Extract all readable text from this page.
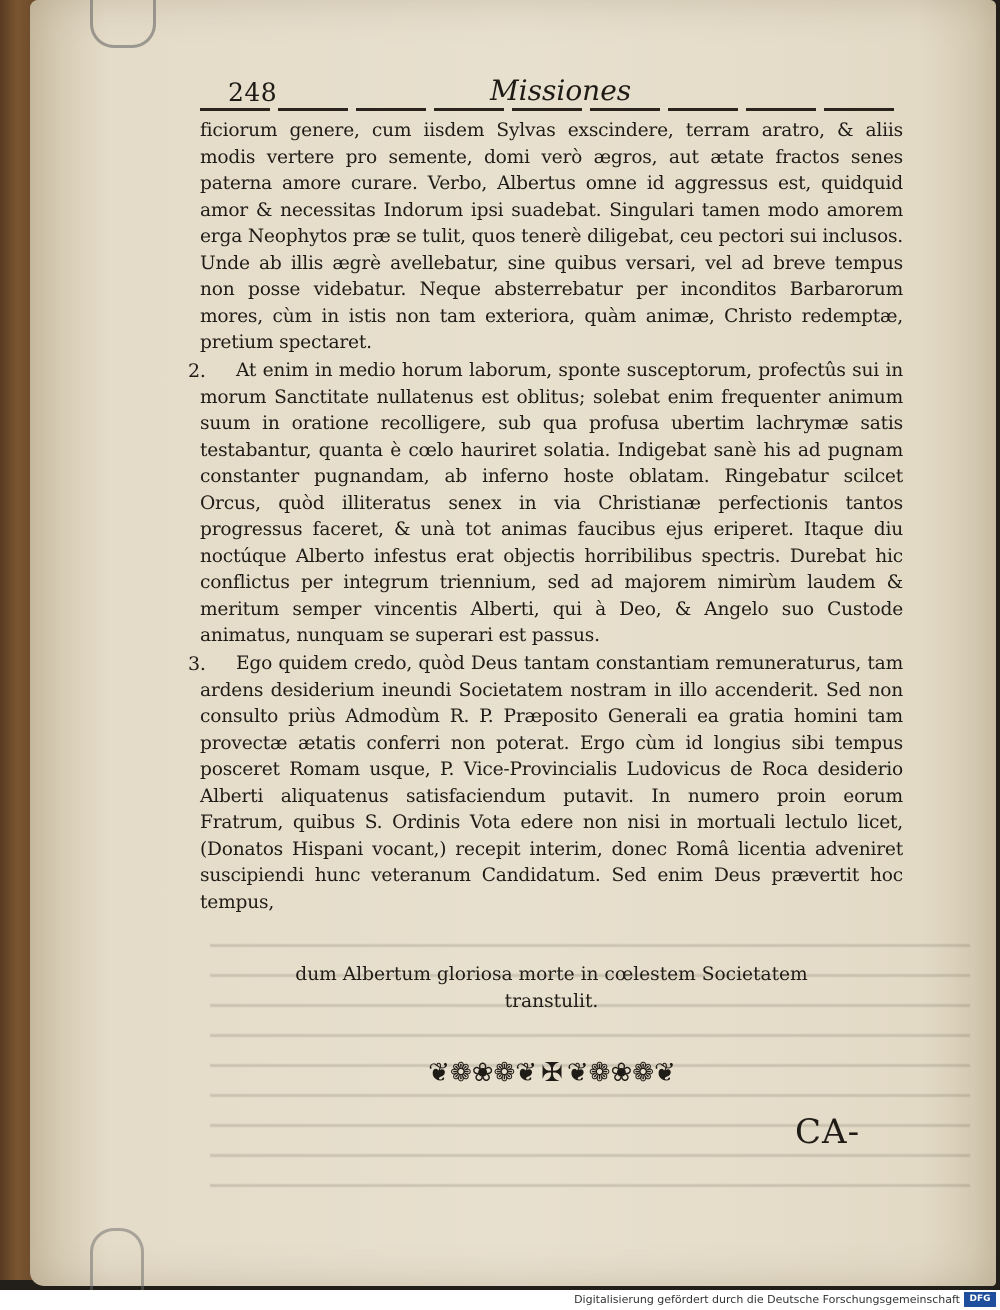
248	Missiones

ficiorum genere, cum iisdem Sylvas exscindere, terram aratro, & aliis modis vertere pro semente, domi verò ægros, aut ætate fractos senes paterna amore curare. Verbo, Albertus omne id aggressus est, quidquid amor & necessitas Indorum ipsi suadebat. Singulari tamen modo amorem erga Neophytos præ se tulit, quos tenerè diligebat, ceu pectori sui inclusos. Unde ab illis ægrè avellebatur, sine quibus versari, vel ad breve tempus non posse videbatur. Neque absterrebatur per inconditos Barbarorum mores, cùm in istis non tam exteriora, quàm animæ, Christo redemptæ, pretium spectaret.

2. At enim in medio horum laborum, sponte susceptorum, profectûs sui in morum Sanctitate nullatenus est oblitus; solebat enim frequenter animum suum in oratione recolligere, sub qua profusa ubertim lachrymæ satis testabantur, quanta è cœlo hauriret solatia. Indigebat sanè his ad pugnam constanter pugnandam, ab inferno hoste oblatam. Ringebatur scilcet Orcus, quòd illiteratus senex in via Christianæ perfectionis tantos progressus faceret, & unà tot animas faucibus ejus eriperet. Itaque diu noctúque Alberto infestus erat objectis horribilibus spectris. Durebat hic conflictus per integrum triennium, sed ad majorem nimirùm laudem & meritum semper vincentis Alberti, qui à Deo, & Angelo suo Custode animatus, nunquam se superari est passus.

3. Ego quidem credo, quòd Deus tantam constantiam remuneraturus, tam ardens desiderium ineundi Societatem nostram in illo accenderit. Sed non consulto priùs Admodùm R. P. Præposito Generali ea gratia homini tam provectæ ætatis conferri non poterat. Ergo cùm id longius sibi tempus posceret Romam usque, P. Vice-Provincialis Ludovicus de Roca desiderio Alberti aliquatenus satisfaciendum putavit. In numero proin eorum Fratrum, quibus S. Ordinis Vota edere non nisi in mortuali lectulo licet, (Donatos Hispani vocant,) recepit interim, donec Româ licentia adveniret suscipiendi hunc veteranum Candidatum. Sed enim Deus prævertit hoc tempus,

dum Albertum gloriosa morte in cœlestem Societatem
transtulit.
❦❁❀❁❦ ✠ ❦❁❀❁❦
CA-
Digitalisierung gefördert durch die Deutsche Forschungsgemeinschaft	DFG
